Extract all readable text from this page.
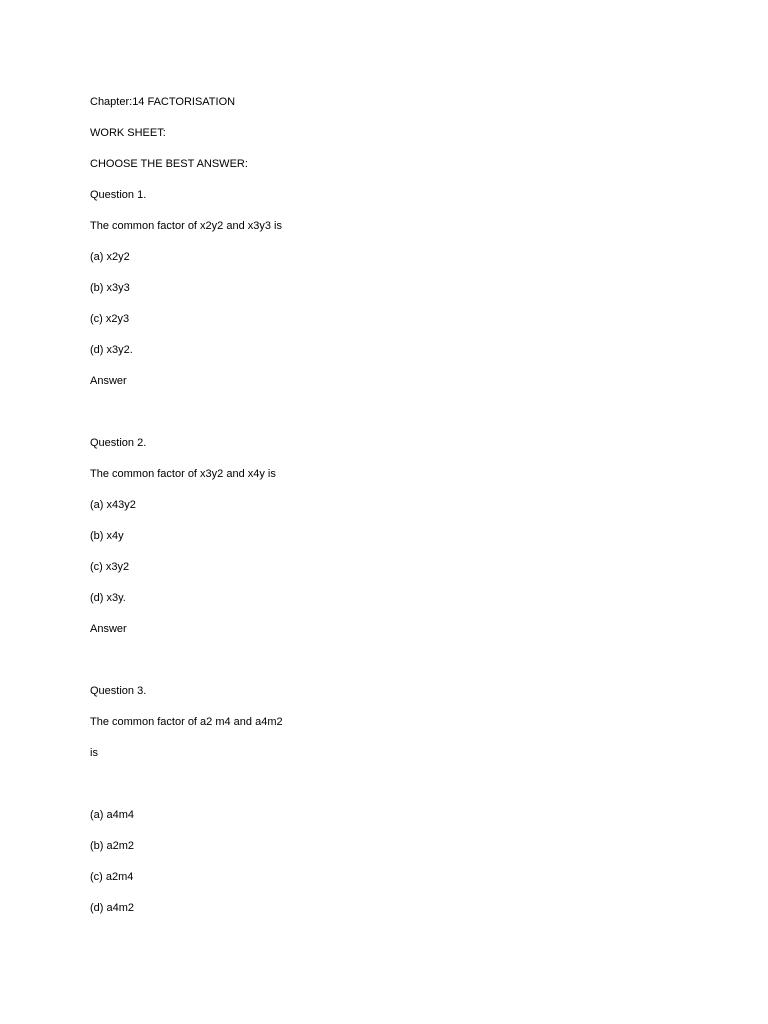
Chapter:14 FACTORISATION
WORK SHEET:
CHOOSE THE BEST ANSWER:
Question 1.
The common factor of x2y2 and x3y3 is
(a) x2y2
(b) x3y3
(c) x2y3
(d) x3y2.
Answer
Question 2.
The common factor of x3y2 and x4y is
(a) x43y2
(b) x4y
(c) x3y2
(d) x3y.
Answer
Question 3.
The common factor of a2 m4 and a4m2
is
(a) a4m4
(b) a2m2
(c) a2m4
(d) a4m2
